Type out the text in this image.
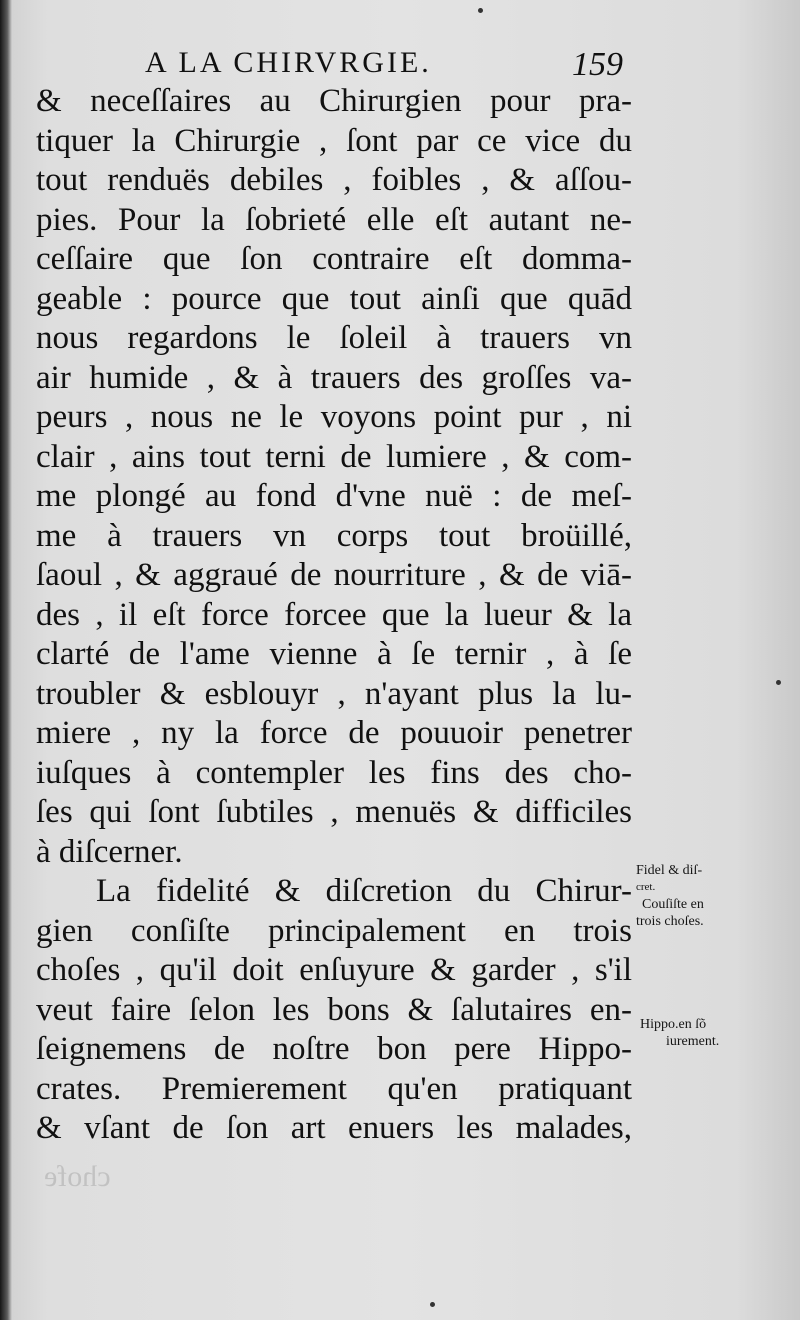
A LA CHIRVRGIE.	159
& neceſſaires au Chirurgien pour pra-
tiquer la Chirurgie , ſont par ce vice du
tout renduës debiles , foibles , & aſſou-
pies. Pour la ſobrieté elle eſt autant ne-
ceſſaire que ſon contraire eſt domma-
geable : pource que tout ainſi que quād
nous regardons le ſoleil à trauers vn
air humide , & à trauers des groſſes va-
peurs , nous ne le voyons point pur , ni
clair , ains tout terni de lumiere , & com-
me plongé au fond d'vne nuë : de meſ-
me à trauers vn corps tout broüillé,
ſaoul , & aggraué de nourriture , & de viā-
des , il eſt force forcee que la lueur & la
clarté de l'ame vienne à ſe ternir , à ſe
troubler & esblouyr , n'ayant plus la lu-
miere , ny la force de pouuoir penetrer
iuſques à contempler les fins des cho-
ſes qui ſont ſubtiles , menuës & difficiles
à diſcerner.
La fidelité & diſcretion du Chirur-
gien conſiſte principalement en trois
choſes , qu'il doit enſuyure & garder , s'il
veut faire ſelon les bons & ſalutaires en-
ſeignemens de noſtre bon pere Hippo-
crates. Premierement qu'en pratiquant
& vſant de ſon art enuers les malades,
Fidel & diſ-
cret.
Couſiſte en
trois choſes.
Hippo.en ſõ
iurement.
chofe
